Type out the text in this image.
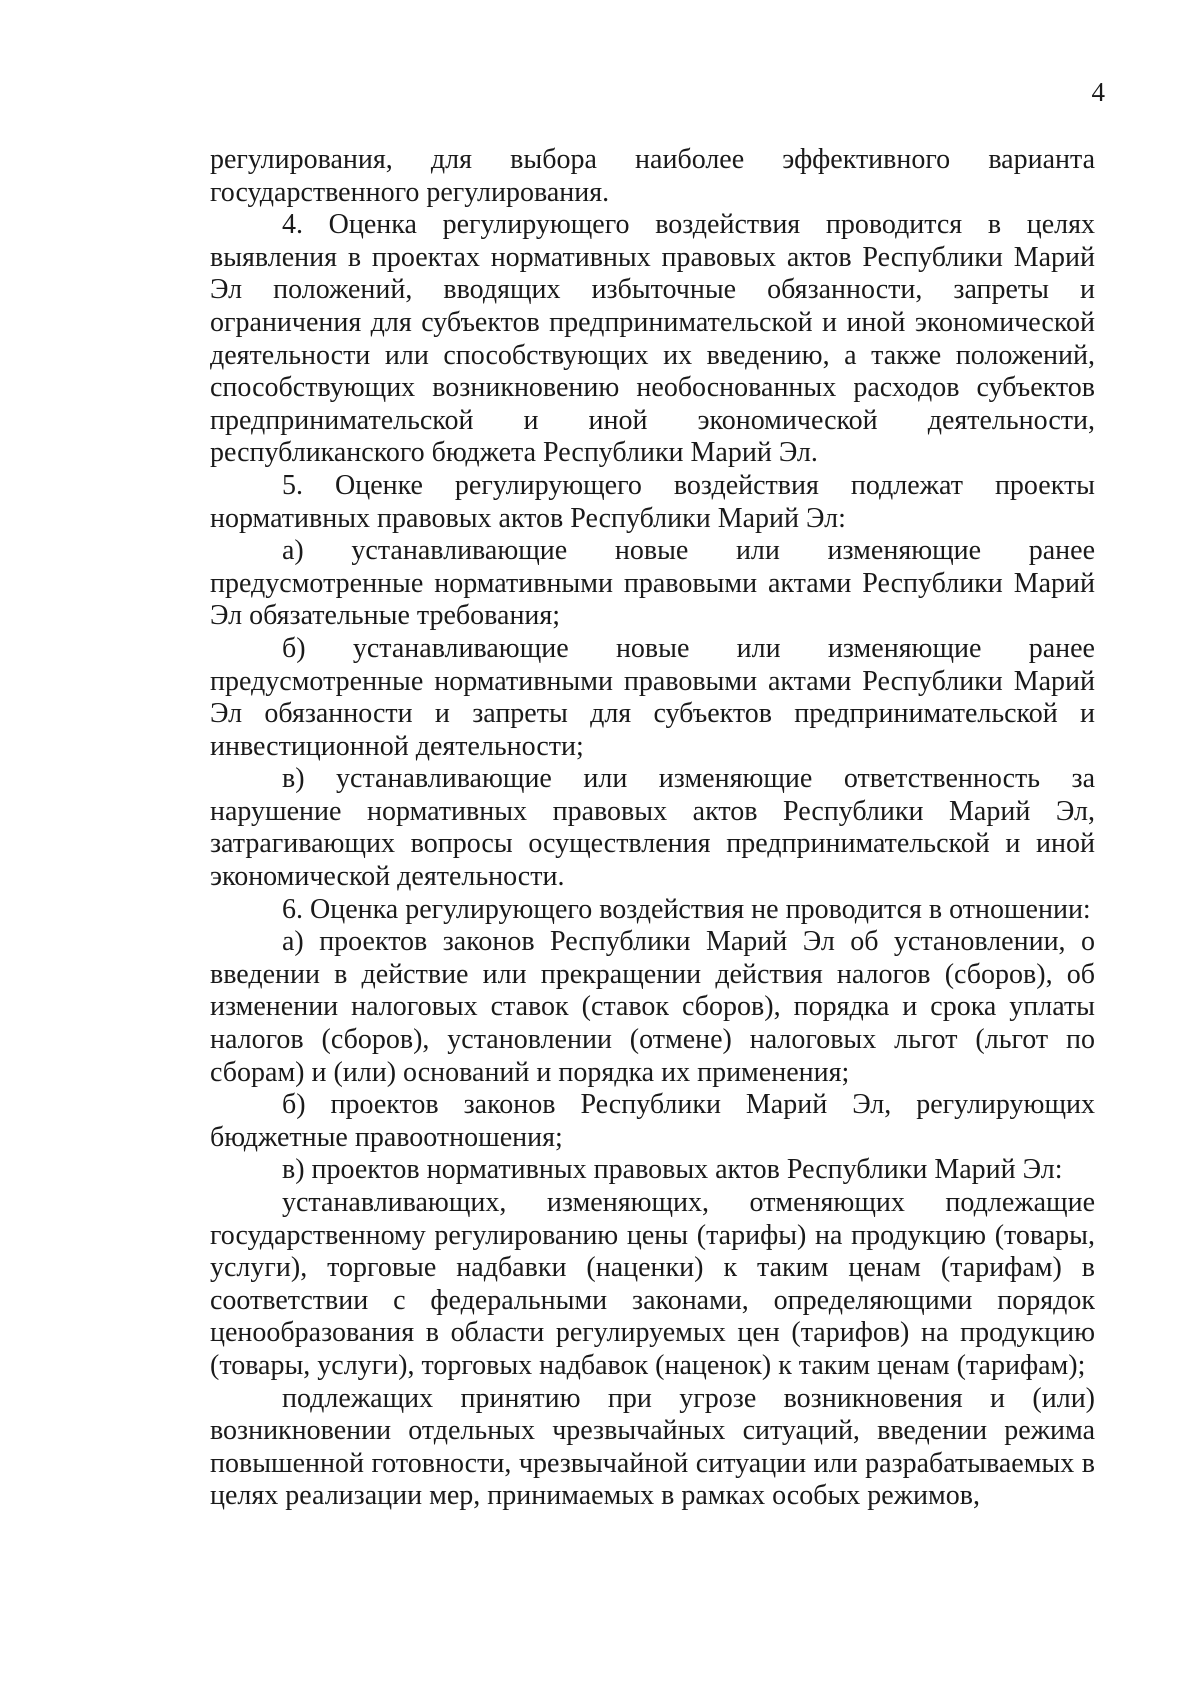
4

регулирования, для выбора наиболее эффективного варианта государственного регулирования.

4. Оценка регулирующего воздействия проводится в целях выявления в проектах нормативных правовых актов Республики Марий Эл положений, вводящих избыточные обязанности, запреты и ограничения для субъектов предпринимательской и иной экономической деятельности или способствующих их введению, а также положений, способствующих возникновению необоснованных расходов субъектов предпринимательской и иной экономической деятельности, республиканского бюджета Республики Марий Эл.

5. Оценке регулирующего воздействия подлежат проекты нормативных правовых актов Республики Марий Эл:

а) устанавливающие новые или изменяющие ранее предусмотренные нормативными правовыми актами Республики Марий Эл обязательные требования;

б) устанавливающие новые или изменяющие ранее предусмотренные нормативными правовыми актами Республики Марий Эл обязанности и запреты для субъектов предпринимательской и инвестиционной деятельности;

в) устанавливающие или изменяющие ответственность за нарушение нормативных правовых актов Республики Марий Эл, затрагивающих вопросы осуществления предпринимательской и иной экономической деятельности.

6. Оценка регулирующего воздействия не проводится в отношении:

а) проектов законов Республики Марий Эл об установлении, о введении в действие или прекращении действия налогов (сборов), об изменении налоговых ставок (ставок сборов), порядка и срока уплаты налогов (сборов), установлении (отмене) налоговых льгот (льгот по сборам) и (или) оснований и порядка их применения;

б) проектов законов Республики Марий Эл, регулирующих бюджетные правоотношения;

в) проектов нормативных правовых актов Республики Марий Эл:

устанавливающих, изменяющих, отменяющих подлежащие государственному регулированию цены (тарифы) на продукцию (товары, услуги), торговые надбавки (наценки) к таким ценам (тарифам) в соответствии с федеральными законами, определяющими порядок ценообразования в области регулируемых цен (тарифов) на продукцию (товары, услуги), торговых надбавок (наценок) к таким ценам (тарифам);

подлежащих принятию при угрозе возникновения и (или) возникновении отдельных чрезвычайных ситуаций, введении режима повышенной готовности, чрезвычайной ситуации или разрабатываемых в целях реализации мер, принимаемых в рамках особых режимов,
